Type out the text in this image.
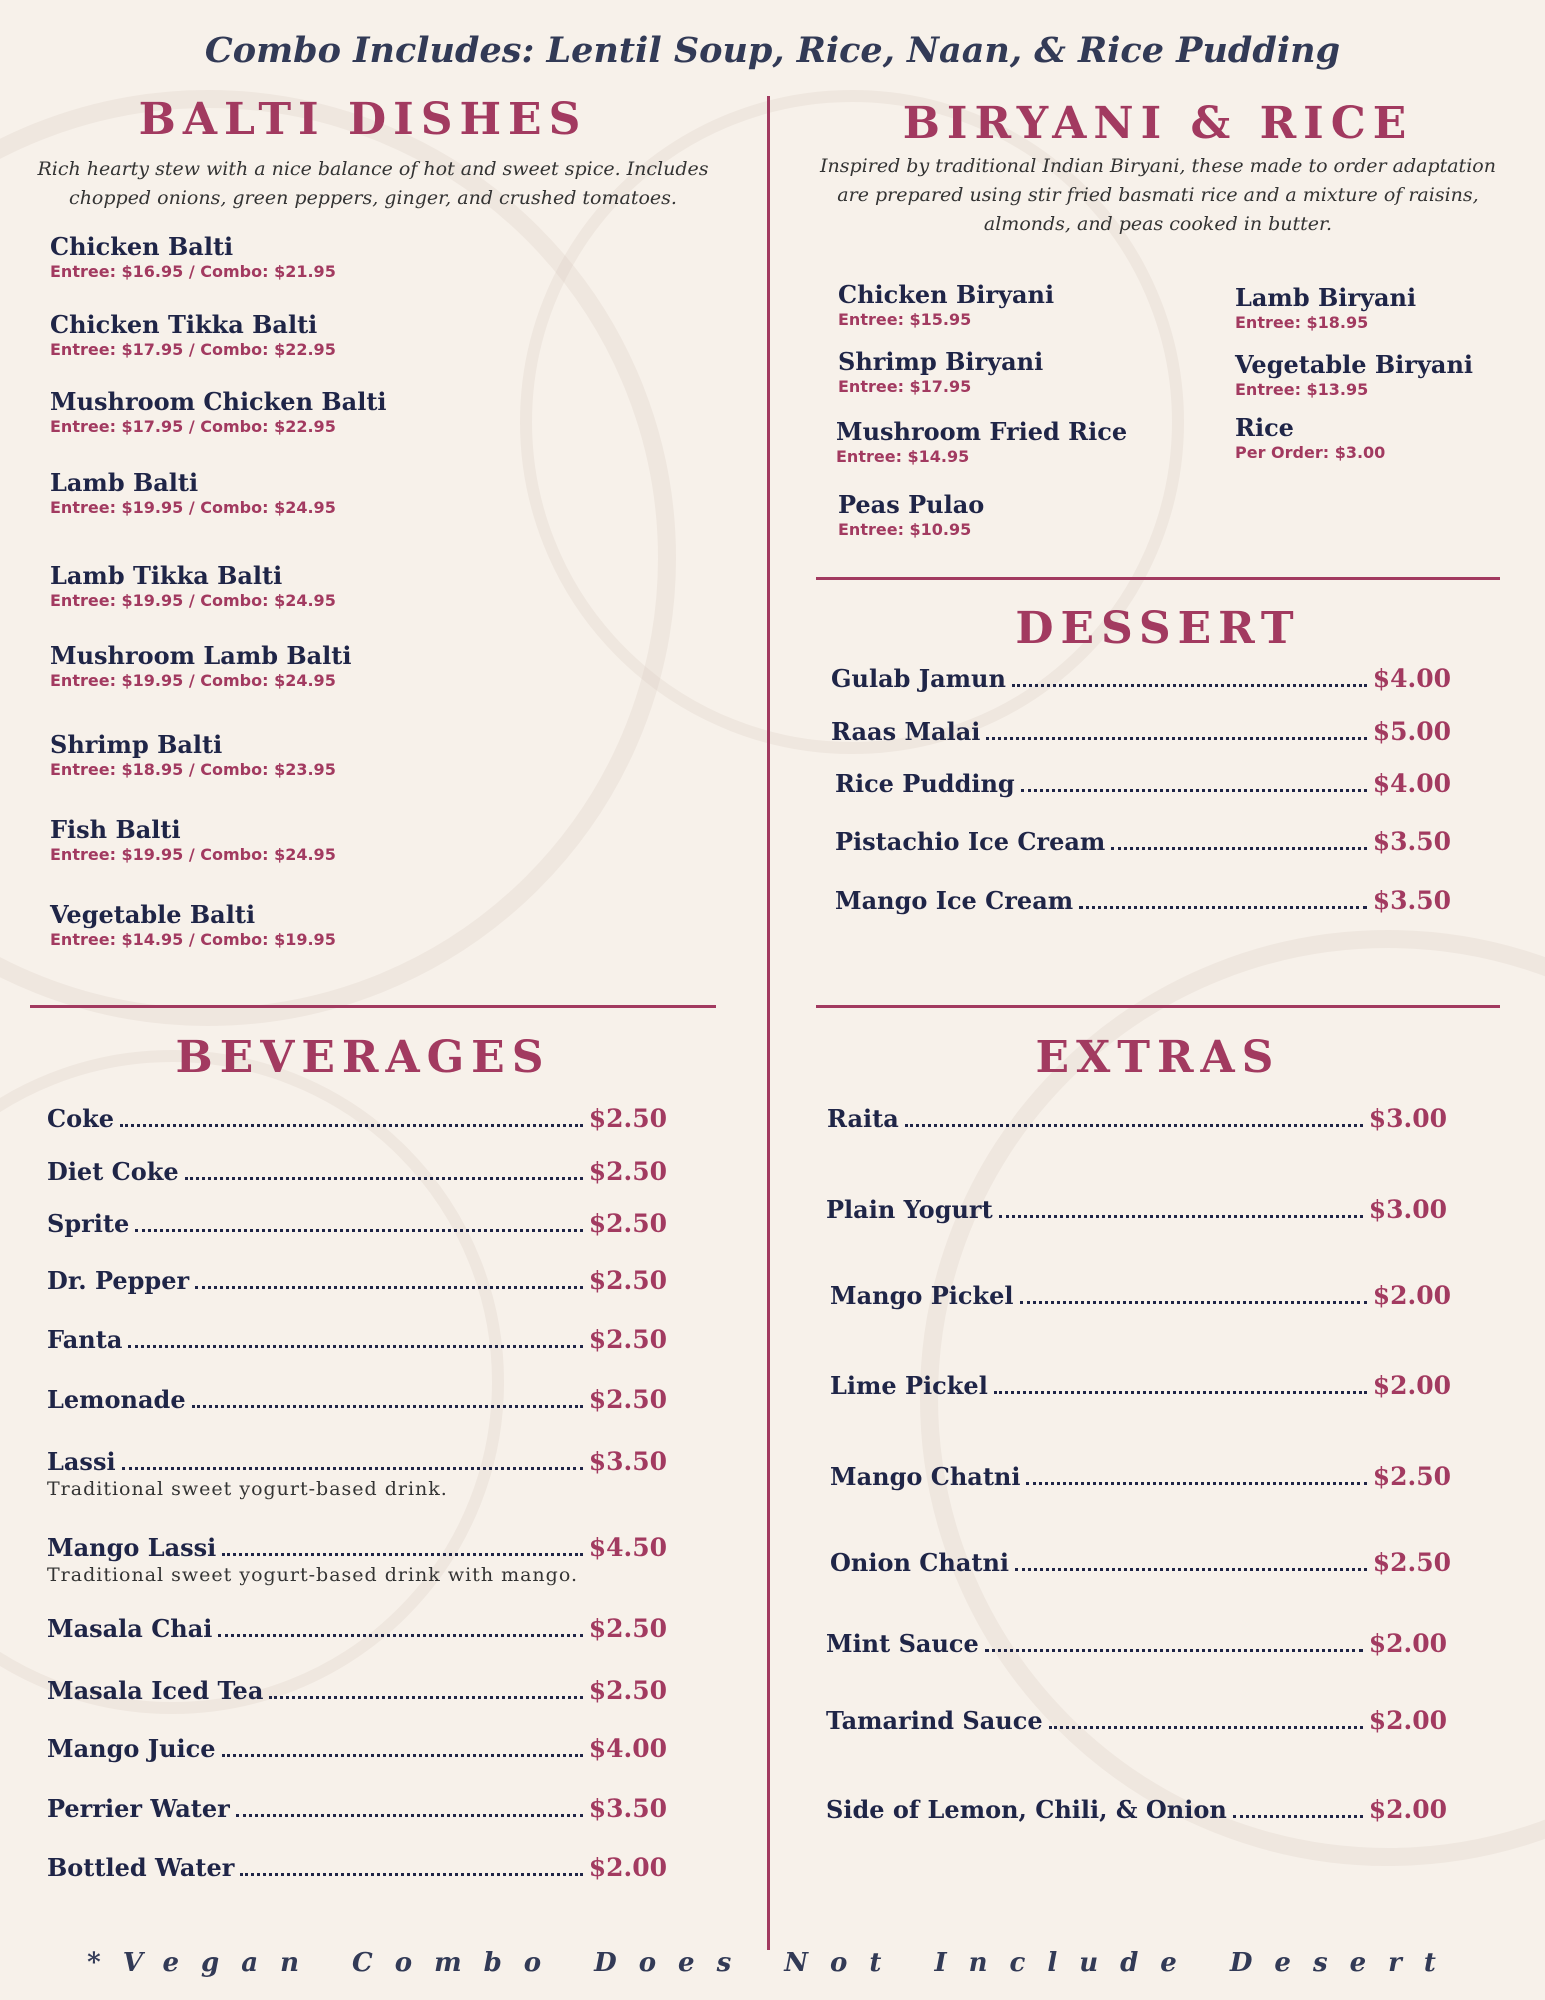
Combo Includes: Lentil Soup, Rice, Naan, & Rice Pudding
BALTI DISHES
Rich hearty stew with a nice balance of hot and sweet spice. Includes chopped onions, green peppers, ginger, and crushed tomatoes.
Chicken Balti
Entree: $16.95 / Combo: $21.95
Chicken Tikka Balti
Entree: $17.95 / Combo: $22.95
Mushroom Chicken Balti
Entree: $17.95 / Combo: $22.95
Lamb Balti
Entree: $19.95 / Combo: $24.95
Lamb Tikka Balti
Entree: $19.95 / Combo: $24.95
Mushroom Lamb Balti
Entree: $19.95 / Combo: $24.95
Shrimp Balti
Entree: $18.95 / Combo: $23.95
Fish Balti
Entree: $19.95 / Combo: $24.95
Vegetable Balti
Entree: $14.95 / Combo: $19.95
BIRYANI & RICE
Inspired by traditional Indian Biryani, these made to order adaptation are prepared using stir fried basmati rice and a mixture of raisins, almonds, and peas cooked in butter.
Chicken Biryani
Entree: $15.95
Shrimp Biryani
Entree: $17.95
Mushroom Fried Rice
Entree: $14.95
Peas Pulao
Entree: $10.95
Lamb Biryani
Entree: $18.95
Vegetable Biryani
Entree: $13.95
Rice
Per Order: $3.00
DESSERT
Gulab Jamun	$4.00
Raas Malai	$5.00
Rice Pudding	$4.00
Pistachio Ice Cream	$3.50
Mango Ice Cream	$3.50
BEVERAGES
Coke	$2.50
Diet Coke	$2.50
Sprite	$2.50
Dr. Pepper	$2.50
Fanta	$2.50
Lemonade	$2.50
Lassi	$3.50
Traditional sweet yogurt-based drink.
Mango Lassi	$4.50
Traditional sweet yogurt-based drink with mango.
Masala Chai	$2.50
Masala Iced Tea	$2.50
Mango Juice	$4.00
Perrier Water	$3.50
Bottled Water	$2.00
EXTRAS
Raita	$3.00
Plain Yogurt	$3.00
Mango Pickel	$2.00
Lime Pickel	$2.00
Mango Chatni	$2.50
Onion Chatni	$2.50
Mint Sauce	$2.00
Tamarind Sauce	$2.00
Side of Lemon, Chili, & Onion	$2.00
*Vegan Combo Does Not Include Desert
